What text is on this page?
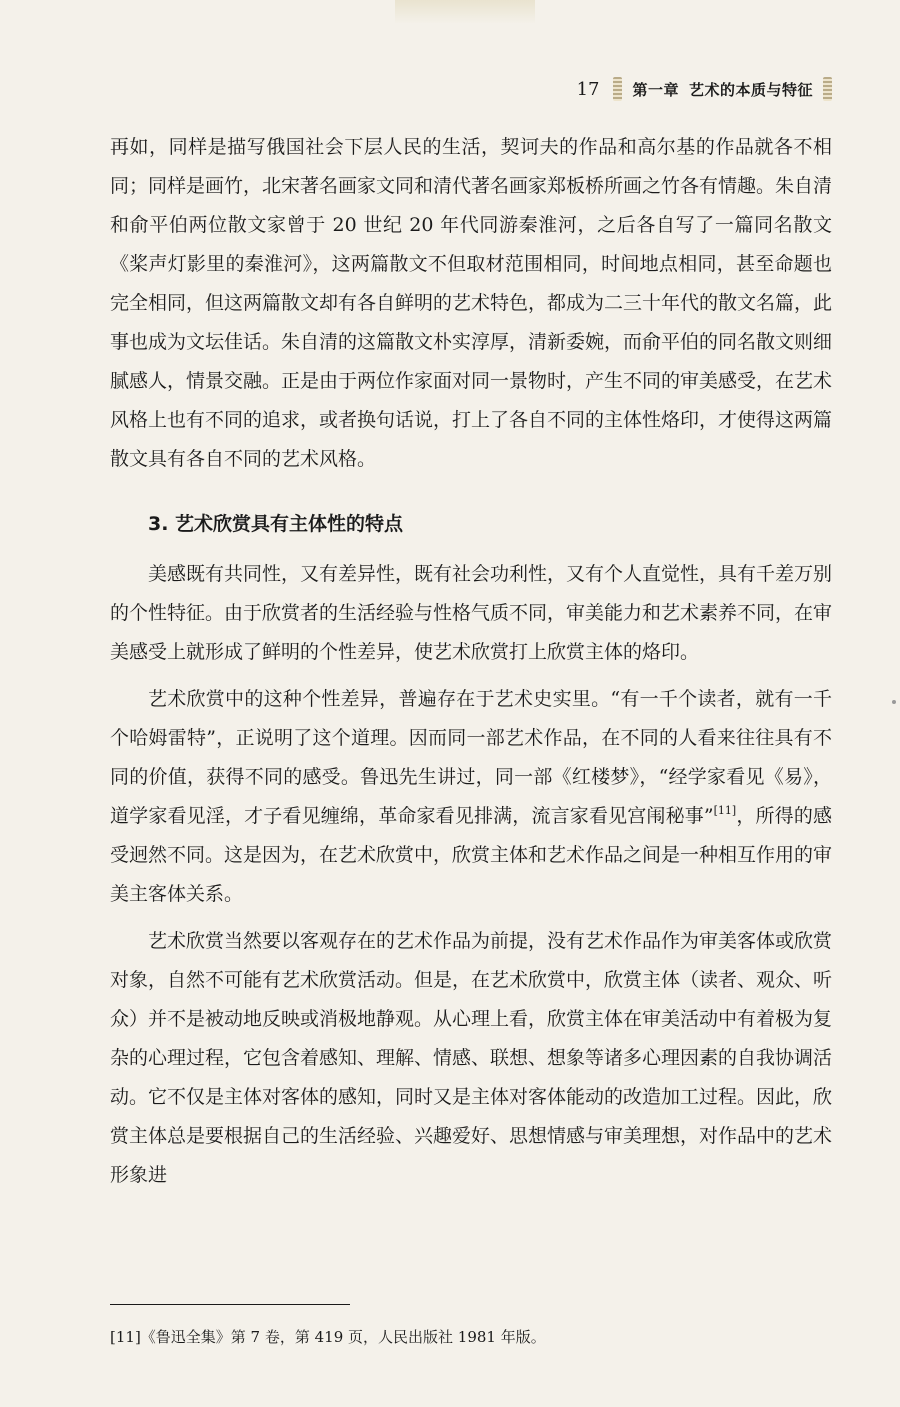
17 第一章 艺术的本质与特征

再如，同样是描写俄国社会下层人民的生活，契诃夫的作品和高尔基的作品就各不相同；同样是画竹，北宋著名画家文同和清代著名画家郑板桥所画之竹各有情趣。朱自清和俞平伯两位散文家曾于 20 世纪 20 年代同游秦淮河，之后各自写了一篇同名散文《桨声灯影里的秦淮河》，这两篇散文不但取材范围相同，时间地点相同，甚至命题也完全相同，但这两篇散文却有各自鲜明的艺术特色，都成为二三十年代的散文名篇，此事也成为文坛佳话。朱自清的这篇散文朴实淳厚，清新委婉，而俞平伯的同名散文则细腻感人，情景交融。正是由于两位作家面对同一景物时，产生不同的审美感受，在艺术风格上也有不同的追求，或者换句话说，打上了各自不同的主体性烙印，才使得这两篇散文具有各自不同的艺术风格。

3. 艺术欣赏具有主体性的特点

美感既有共同性，又有差异性，既有社会功利性，又有个人直觉性，具有千差万别的个性特征。由于欣赏者的生活经验与性格气质不同，审美能力和艺术素养不同，在审美感受上就形成了鲜明的个性差异，使艺术欣赏打上欣赏主体的烙印。

艺术欣赏中的这种个性差异，普遍存在于艺术史实里。“有一千个读者，就有一千个哈姆雷特”，正说明了这个道理。因而同一部艺术作品，在不同的人看来往往具有不同的价值，获得不同的感受。鲁迅先生讲过，同一部《红楼梦》，“经学家看见《易》，道学家看见淫，才子看见缠绵，革命家看见排满，流言家看见宫闱秘事”[11]，所得的感受迥然不同。这是因为，在艺术欣赏中，欣赏主体和艺术作品之间是一种相互作用的审美主客体关系。

艺术欣赏当然要以客观存在的艺术作品为前提，没有艺术作品作为审美客体或欣赏对象，自然不可能有艺术欣赏活动。但是，在艺术欣赏中，欣赏主体（读者、观众、听众）并不是被动地反映或消极地静观。从心理上看，欣赏主体在审美活动中有着极为复杂的心理过程，它包含着感知、理解、情感、联想、想象等诸多心理因素的自我协调活动。它不仅是主体对客体的感知，同时又是主体对客体能动的改造加工过程。因此，欣赏主体总是要根据自己的生活经验、兴趣爱好、思想情感与审美理想，对作品中的艺术形象进

[11]《鲁迅全集》第 7 卷，第 419 页，人民出版社 1981 年版。
